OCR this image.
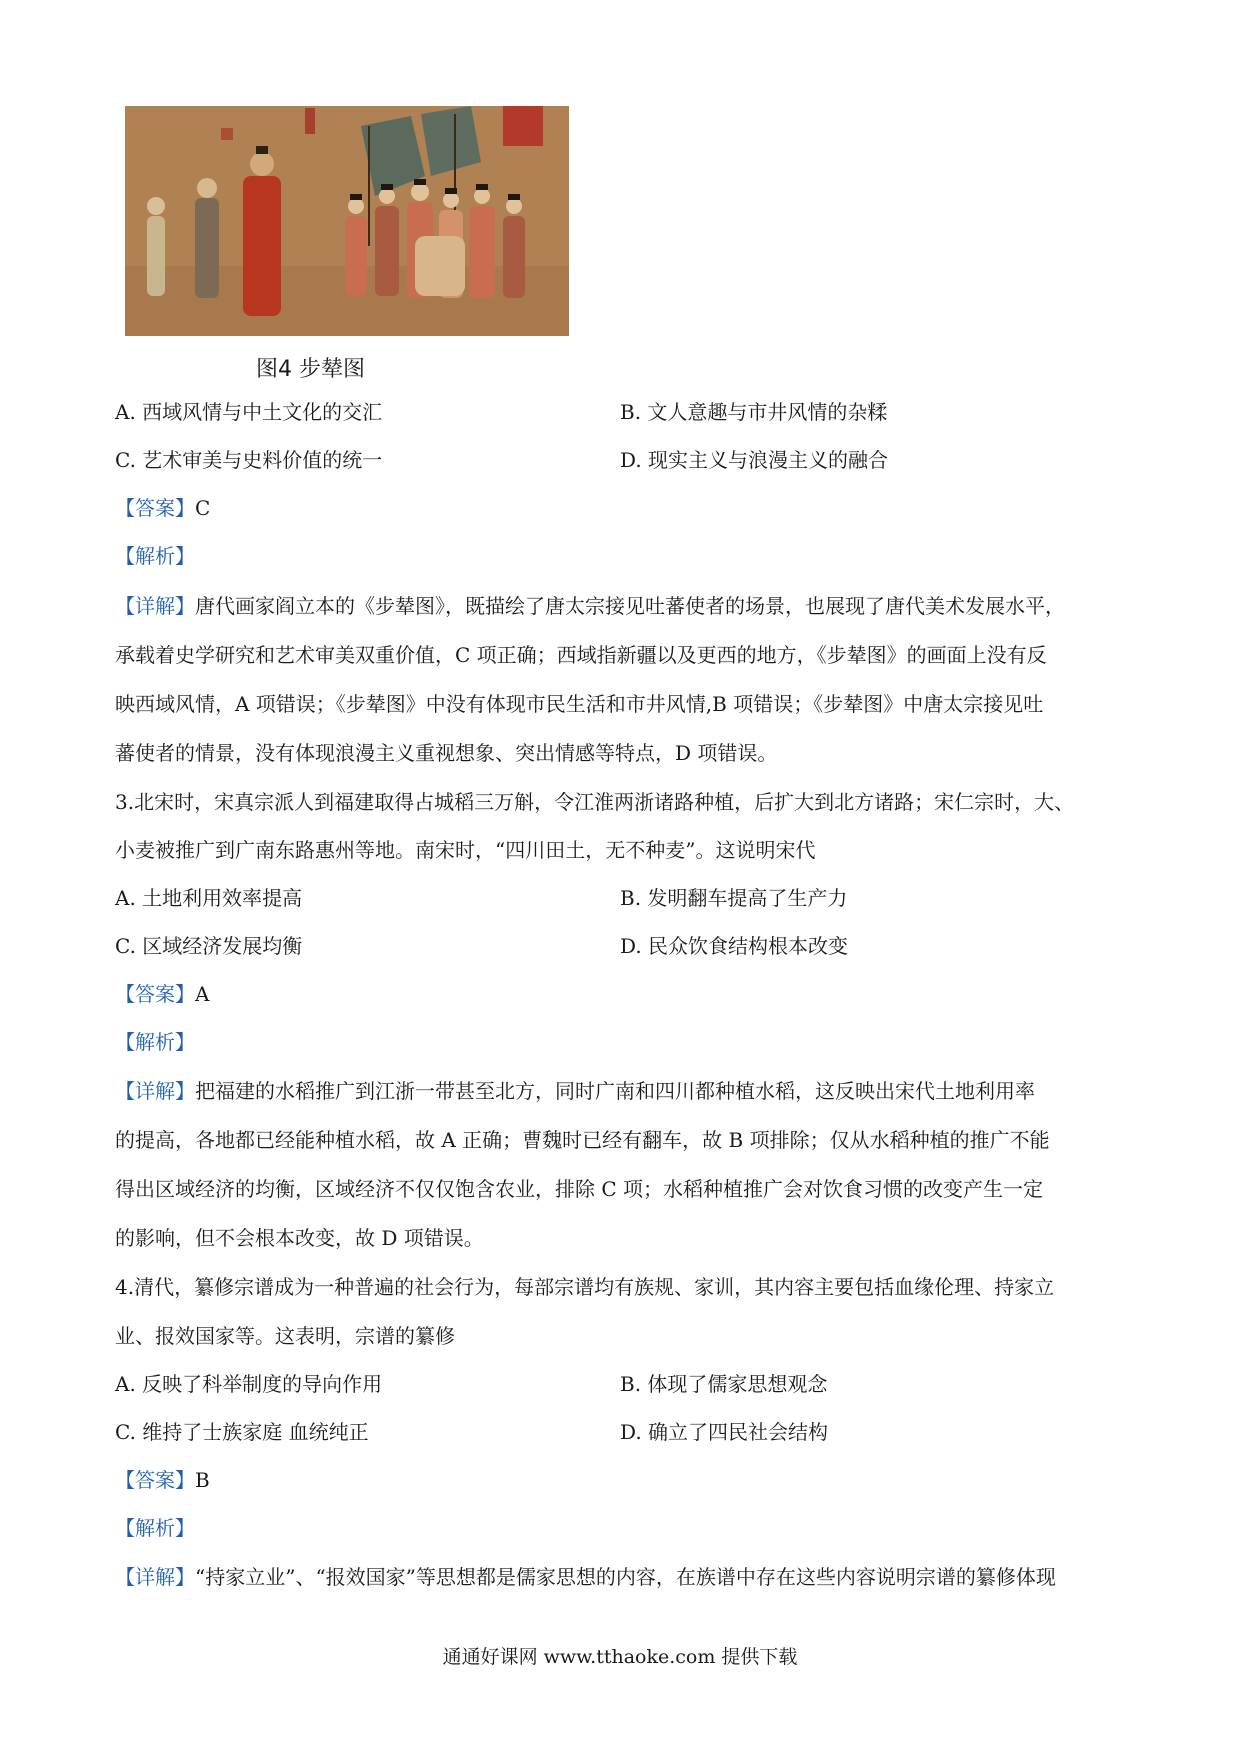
图4 步辇图
A. 西域风情与中土文化的交汇	B. 文人意趣与市井风情的杂糅
C. 艺术审美与史料价值的统一	D. 现实主义与浪漫主义的融合
【答案】C
【解析】
【详解】唐代画家阎立本的《步辇图》，既描绘了唐太宗接见吐蕃使者的场景，也展现了唐代美术发展水平，
承载着史学研究和艺术审美双重价值，C 项正确；西域指新疆以及更西的地方，《步辇图》的画面上没有反
映西域风情，A 项错误；《步辇图》中没有体现市民生活和市井风情,B 项错误；《步辇图》中唐太宗接见吐
蕃使者的情景，没有体现浪漫主义重视想象、突出情感等特点，D 项错误。
3.北宋时，宋真宗派人到福建取得占城稻三万斛，令江淮两浙诸路种植，后扩大到北方诸路；宋仁宗时，大、
小麦被推广到广南东路惠州等地。南宋时，“四川田土，无不种麦”。这说明宋代
A. 土地利用效率提高	B. 发明翻车提高了生产力
C. 区域经济发展均衡	D. 民众饮食结构根本改变
【答案】A
【解析】
【详解】把福建的水稻推广到江浙一带甚至北方，同时广南和四川都种植水稻，这反映出宋代土地利用率
的提高，各地都已经能种植水稻，故 A 正确；曹魏时已经有翻车，故 B 项排除；仅从水稻种植的推广不能
得出区域经济的均衡，区域经济不仅仅饱含农业，排除 C 项；水稻种植推广会对饮食习惯的改变产生一定
的影响，但不会根本改变，故 D 项错误。
4.清代，纂修宗谱成为一种普遍的社会行为，每部宗谱均有族规、家训，其内容主要包括血缘伦理、持家立
业、报效国家等。这表明，宗谱的纂修
A. 反映了科举制度的导向作用	B. 体现了儒家思想观念
C. 维持了士族家庭 血统纯正	D. 确立了四民社会结构
【答案】B
【解析】
【详解】“持家立业”、“报效国家”等思想都是儒家思想的内容，在族谱中存在这些内容说明宗谱的纂修体现
通通好课网 www.tthaoke.com 提供下载
